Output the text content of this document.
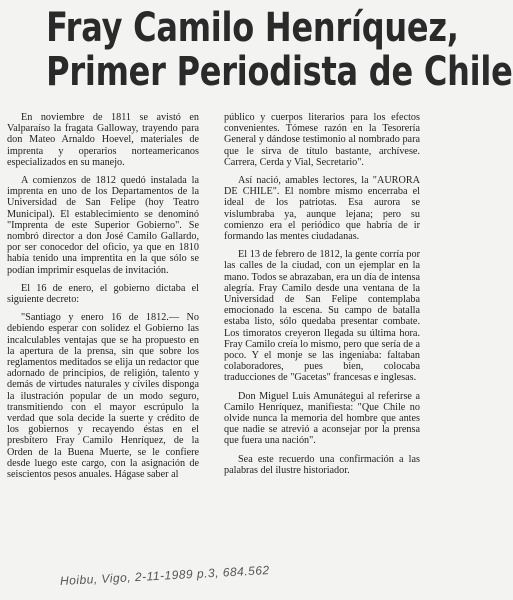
Fray Camilo Henríquez,
Primer Periodista de Chile

En noviembre de 1811 se avistó en Valparaíso la fragata Galloway, trayendo para don Mateo Arnaldo Hoevel, materiales de imprenta y operarios norteamericanos especializados en su manejo.

A comienzos de 1812 quedó instalada la imprenta en uno de los Departamentos de la Universidad de San Felipe (hoy Teatro Municipal). El establecimiento se denominó "Imprenta de este Superior Gobierno". Se nombró director a don José Camilo Gallardo, por ser conocedor del oficio, ya que en 1810 había tenido una imprentita en la que sólo se podían imprimir esquelas de invitación.

El 16 de enero, el gobierno dictaba el siguiente decreto:

"Santiago y enero 16 de 1812.— No debiendo esperar con solidez el Gobierno las incalculables ventajas que se ha propuesto en la apertura de la prensa, sin que sobre los reglamentos meditados se elija un redactor que adornado de principios, de religión, talento y demás de virtudes naturales y cíviles disponga la ilustración popular de un modo seguro, transmitiendo con el mayor escrúpulo la verdad que sola decide la suerte y crédito de los gobiernos y recayendo éstas en el presbítero Fray Camilo Henríquez, de la Orden de la Buena Muerte, se le confiere desde luego este cargo, con la asignación de seiscientos pesos anuales. Hágase saber al

público y cuerpos literarios para los efectos convenientes. Tómese razón en la Tesorería General y dándose testimonio al nombrado para que le sirva de título bastante, archívese. Carrera, Cerda y Vial, Secretario".

Así nació, amables lectores, la "AURORA DE CHILE". El nombre mismo encerraba el ideal de los patriotas. Esa aurora se vislumbraba ya, aunque lejana; pero su comienzo era el periódico que habría de ir formando las mentes ciudadanas.

El 13 de febrero de 1812, la gente corría por las calles de la ciudad, con un ejemplar en la mano. Todos se abrazaban, era un día de intensa alegría. Fray Camilo desde una ventana de la Universidad de San Felipe contemplaba emocionado la escena. Su campo de batalla estaba listo, sólo quedaba presentar combate. Los timoratos creyeron llegada su última hora. Fray Camilo creía lo mismo, pero que sería de a poco. Y el monje se las ingeniaba: faltaban colaboradores, pues bien, colocaba traducciones de "Gacetas" francesas e inglesas.

Don Miguel Luis Amunátegui al referirse a Camilo Henríquez, manifiesta: "Que Chile no olvide nunca la memoria del hombre que antes que nadie se atrevió a aconsejar por la prensa que fuera una nación".

Sea este recuerdo una confirmación a las palabras del ilustre historiador.

Hoibu, Vigo, 2-11-1989 p.3, 684.562
